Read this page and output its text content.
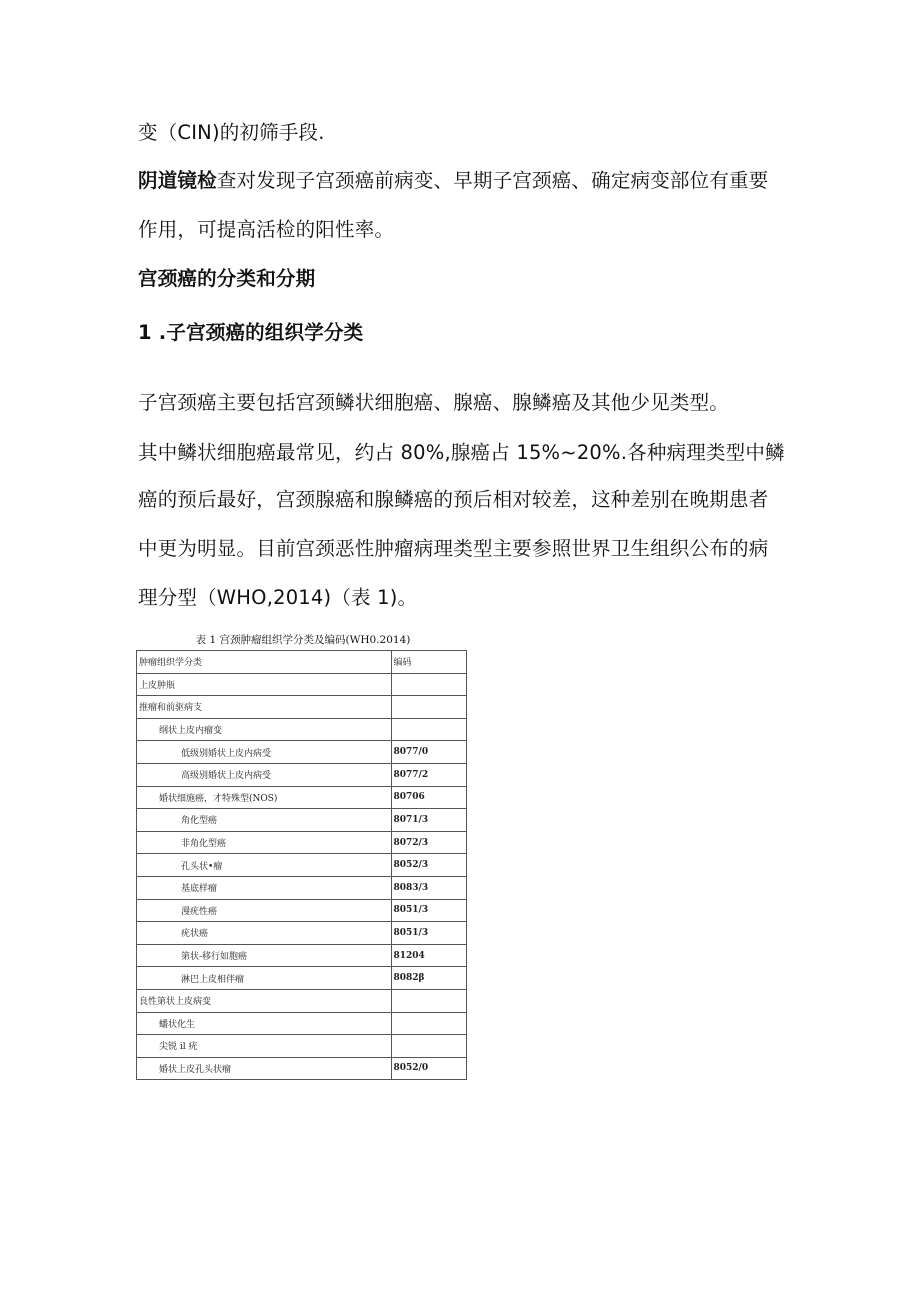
变（CIN)的初筛手段.
阴道镜检查对发现子宫颈癌前病变、早期子宫颈癌、确定病变部位有重要
作用，可提高活检的阳性率。
宫颈癌的分类和分期
1 .子宫颈癌的组织学分类
子宫颈癌主要包括宫颈鳞状细胞癌、腺癌、腺鳞癌及其他少见类型。
其中鳞状细胞癌最常见，约占 80%,腺癌占 15%~20%.各种病理类型中鳞
癌的预后最好，宫颈腺癌和腺鳞癌的预后相对较差，这种差别在晚期患者
中更为明显。目前宫颈恶性肿瘤病理类型主要参照世界卫生组织公布的病
理分型（WHO,2014)（表 1)。
表 1 宫颈肿瘤组织学分类及编码(WH0.2014)
肿瘤组织学分类	编码
上皮肿瓶	
推瘤和前驱病支	
纲状上皮内瘤变	
低级别婚状上皮内病受	8077/0
高级别婚状上皮内病受	8077/2
婚状细施癌，才特殊型(NOS)	80706
角化型癌	8071/3
非角化型癌	8072/3
孔头状•瘤	8052/3
基底样瘤	8083/3
漫疣性癌	8051/3
疣状癌	8051/3
第状-移行如胞癌	81204
淋巴上皮相伴瘤	8082β
良性第状上皮病变	
蟠状化生	
尖锐 il 疣	
婚状上皮孔头状瘤	8052/0
